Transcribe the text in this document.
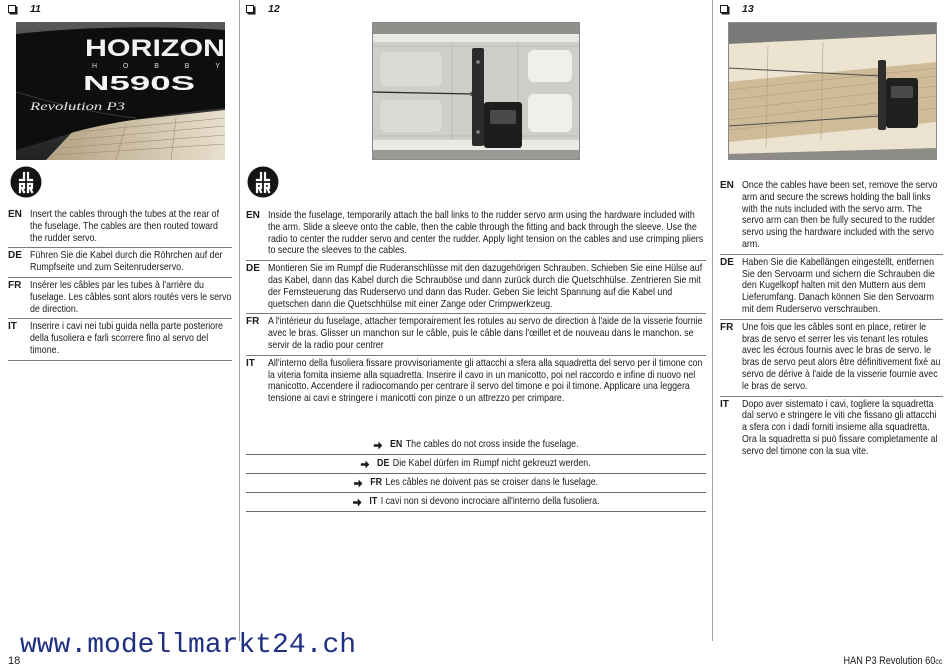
11
HORIZON
HOBBY
N590S
Revolution P3
EN Insert the cables through the tubes at the rear of the fuselage. The cables are then routed toward the rudder servo.
DE Führen Sie die Kabel durch die Röhrchen auf der Rumpfseite und zum Seitenruderservo.
FR Insérer les câbles par les tubes à l'arrière du fuselage. Les câbles sont alors routés vers le servo de direction.
IT	Inserire i cavi nei tubi guida nella parte posteriore della fusoliera e farli scorrere fino al servo del timone.
12
EN Inside the fuselage, temporarily attach the ball links to the rudder servo arm using the hardware included with the arm. Slide a sleeve onto the cable, then the cable through the fitting and back through the sleeve. Use the radio to center the rudder servo and center the rudder. Apply light tension on the cables and use crimping pliers to secure the sleeves to the cables.
DE Montieren Sie im Rumpf die Ruderanschlüsse mit den dazugehörigen Schrauben. Schieben Sie eine Hülse auf das Kabel, dann das Kabel durch die Schrauböse und dann zurück durch die Quetschhülse. Zentrieren Sie mit der Fernsteuerung das Ruderservo und dann das Ruder. Geben Sie leicht Spannung auf die Kabel und quetschen dann die Quetschhülse mit einer Zange oder Crimpwerkzeug.
FR A l'intérieur du fuselage, attacher temporairement les rotules au servo de direction à l'aide de la visserie fournie avec le bras. Glisser un manchon sur le câble, puis le câble dans l'œillet et de nouveau dans le manchon. se servir de la radio pour centrer
IT	All'interno della fusoliera fissare provvisoriamente gli attacchi a sfera alla squadretta del servo per il timone con la viteria fornita insieme alla squadretta. Inserire il cavo in un manicotto, poi nel raccordo e infine di nuovo nel manicotto. Accendere il radiocomando per centrare il servo del timone e poi il timone. Applicare una leggera tensione ai cavi e stringere i manicotti con pinze o un attrezzo per crimpare.
EN The cables do not cross inside the fuselage.
DE Die Kabel dürfen im Rumpf nicht gekreuzt werden.
FR Les câbles ne doivent pas se croiser dans le fuselage.
IT I cavi non si devono incrociare all'interno della fusoliera.
13
EN Once the cables have been set, remove the servo arm and secure the screws holding the ball links with the nuts included with the servo arm. The servo arm can then be fully secured to the rudder servo using the hardware included with the servo arm.
DE Haben Sie die Kabellängen eingestellt, entfernen Sie den Servoarm und sichern die Schrauben die den Kugelkopf halten mit den Muttern aus dem Lieferumfang. Danach können Sie den Servoarm mit dem Ruderservo verschrauben.
FR Une fois que les câbles sont en place, retirer le bras de servo et serrer les vis tenant les rotules avec les écrous fournis avec le bras de servo. le bras de servo peut alors être définitivement fixé au servo de dérive à l'aide de la visserie fournie avec le bras de servo.
IT	Dopo aver sistemato i cavi, togliere la squadretta dal servo e stringere le viti che fissano gli attacchi a sfera con i dadi forniti insieme alla squadretta. Ora la squadretta si può fissare completamente al servo del timone con la sua vite.
www.modellmarkt24.ch
18	HAN P3 Revolution 60cc
